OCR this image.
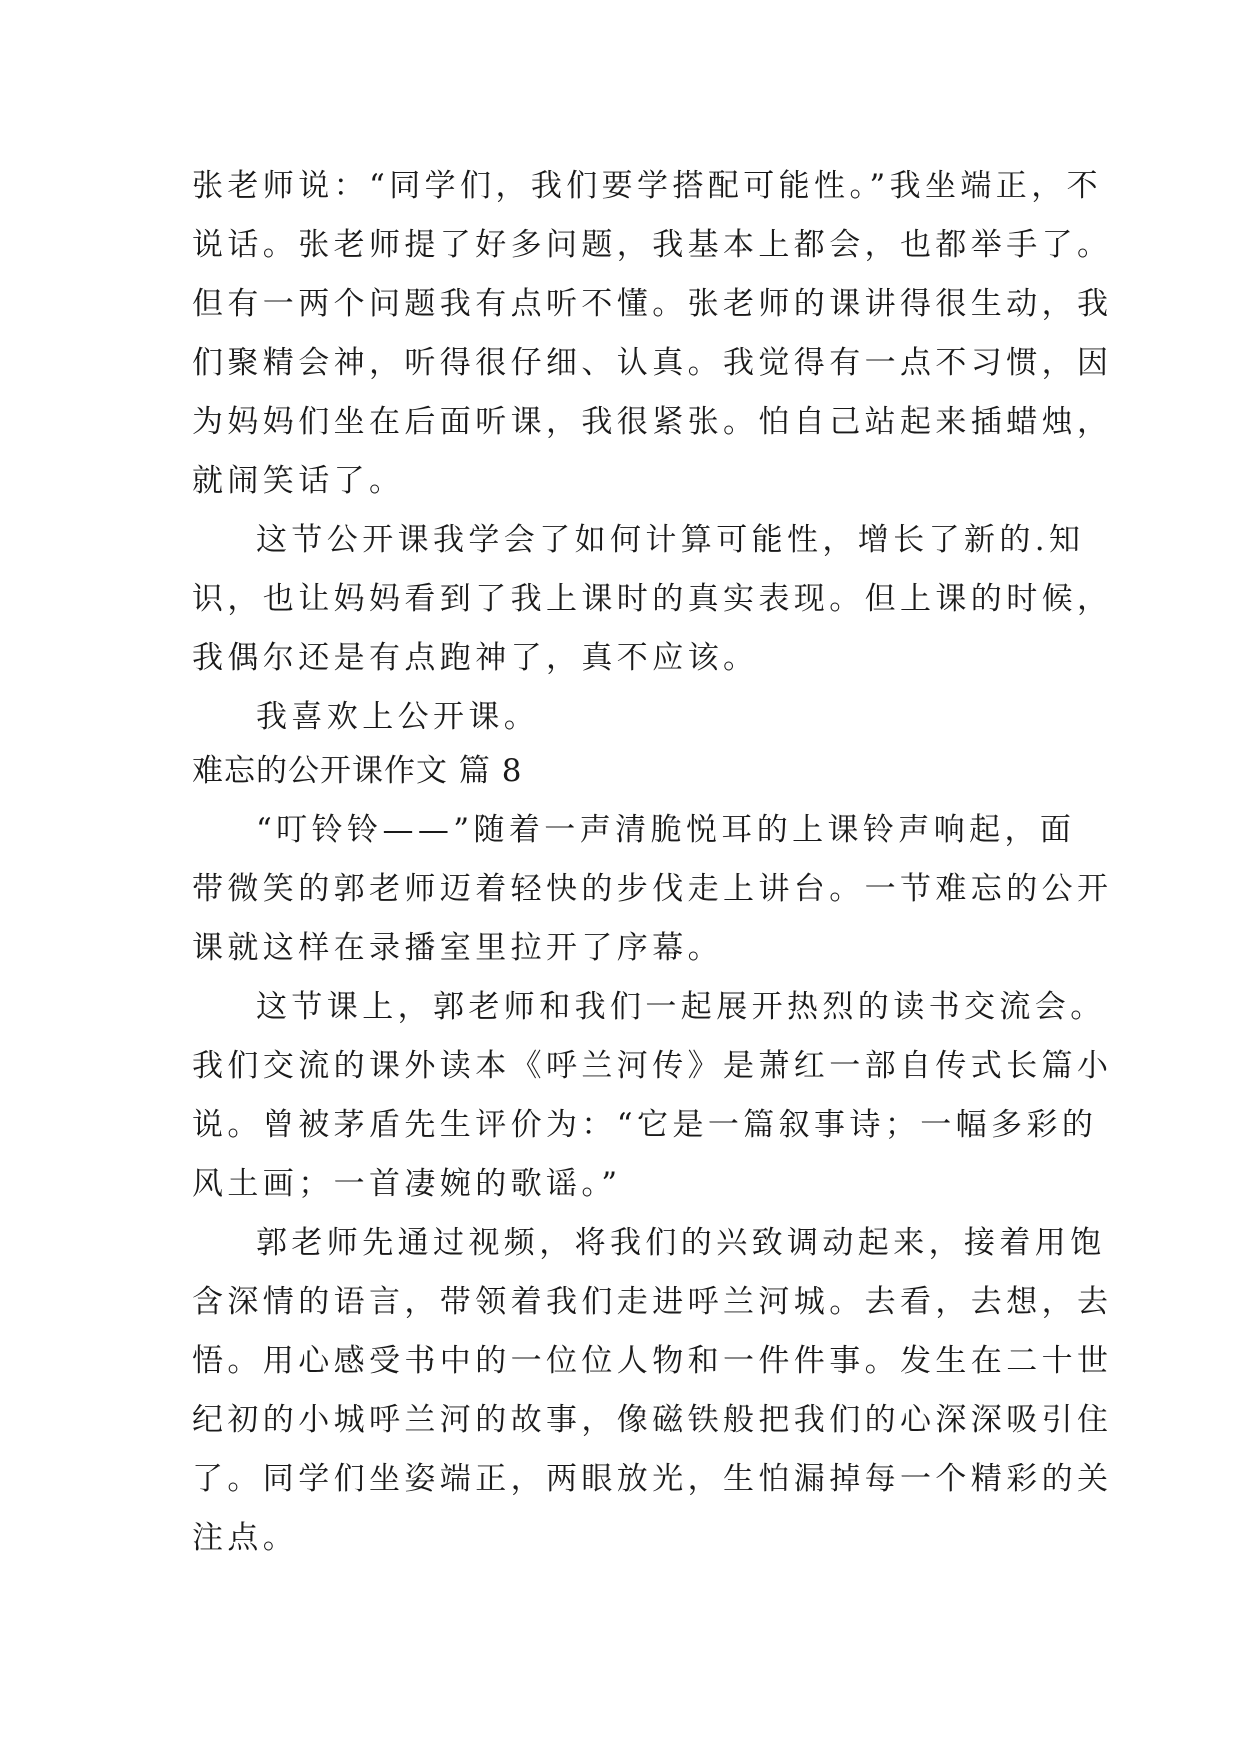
张老师说：“同学们，我们要学搭配可能性。”我坐端正，不

说话。张老师提了好多问题，我基本上都会，也都举手了。

但有一两个问题我有点听不懂。张老师的课讲得很生动，我

们聚精会神，听得很仔细、认真。我觉得有一点不习惯，因

为妈妈们坐在后面听课，我很紧张。怕自己站起来插蜡烛，

就闹笑话了。

这节公开课我学会了如何计算可能性，增长了新的.知

识，也让妈妈看到了我上课时的真实表现。但上课的时候，

我偶尔还是有点跑神了，真不应该。

我喜欢上公开课。

难忘的公开课作文 篇 8

“叮铃铃——”随着一声清脆悦耳的上课铃声响起，面

带微笑的郭老师迈着轻快的步伐走上讲台。一节难忘的公开

课就这样在录播室里拉开了序幕。

这节课上，郭老师和我们一起展开热烈的读书交流会。

我们交流的课外读本《呼兰河传》是萧红一部自传式长篇小

说。曾被茅盾先生评价为：“它是一篇叙事诗；一幅多彩的

风土画；一首凄婉的歌谣。”

郭老师先通过视频，将我们的兴致调动起来，接着用饱

含深情的语言，带领着我们走进呼兰河城。去看，去想，去

悟。用心感受书中的一位位人物和一件件事。发生在二十世

纪初的小城呼兰河的故事，像磁铁般把我们的心深深吸引住

了。同学们坐姿端正，两眼放光，生怕漏掉每一个精彩的关

注点。
